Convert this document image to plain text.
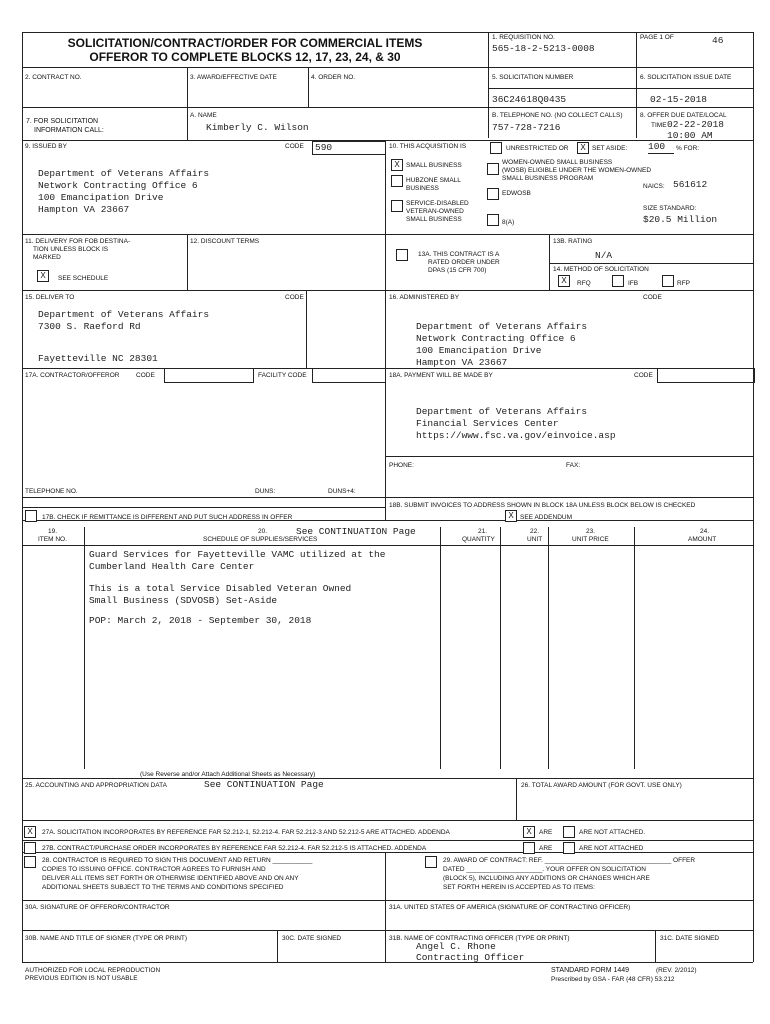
SOLICITATION/CONTRACT/ORDER FOR COMMERCIAL ITEMS
OFFEROR TO COMPLETE BLOCKS 12, 17, 23, 24, & 30
1. REQUISITION NO.
565-18-2-5213-0008
PAGE 1 OF	46
2. CONTRACT NO.	3. AWARD/EFFECTIVE DATE	4. ORDER NO.	5. SOLICITATION NUMBER	6. SOLICITATION ISSUE DATE
36C24618Q0435	02-15-2018
7. FOR SOLICITATION
INFORMATION CALL:
A. NAME
Kimberly C. Wilson
B. TELEPHONE NO. (NO COLLECT CALLS)
757-728-7216
8. OFFER DUE DATE/LOCAL
TIME 02-22-2018
10:00 AM
9. ISSUED BY	CODE 590
Department of Veterans Affairs
Network Contracting Office 6
100 Emancipation Drive
Hampton VA 23667
10. THIS ACQUISITION IS	UNRESTRICTED OR	X SET ASIDE: 100	% FOR:
X SMALL BUSINESS
HUBZONE SMALL
BUSINESS
SERVICE-DISABLED
VETERAN-OWNED
SMALL BUSINESS
WOMEN-OWNED SMALL BUSINESS
(WOSB) ELIGIBLE UNDER THE WOMEN-OWNED
SMALL BUSINESS PROGRAM
EDWOSB
8(A)
NAICS: 561612
SIZE STANDARD:
$20.5 Million
11. DELIVERY FOR FOB DESTINA-
TION UNLESS BLOCK IS
MARKED
X	SEE SCHEDULE
12. DISCOUNT TERMS
13A. THIS CONTRACT IS A
RATED ORDER UNDER
DPAS (15 CFR 700)
13B. RATING
N/A
14. METHOD OF SOLICITATION
X	RFQ	IFB	RFP
15. DELIVER TO	CODE
Department of Veterans Affairs
7300 S. Raeford Rd
Fayetteville NC 28301
16. ADMINISTERED BY	CODE
Department of Veterans Affairs
Network Contracting Office 6
100 Emancipation Drive
Hampton VA 23667
17A. CONTRACTOR/OFFEROR	CODE	FACILITY CODE	18A. PAYMENT WILL BE MADE BY	CODE
Department of Veterans Affairs
Financial Services Center
https://www.fsc.va.gov/einvoice.asp
PHONE:	FAX:
TELEPHONE NO.	DUNS:	DUNS+4:
17B. CHECK IF REMITTANCE IS DIFFERENT AND PUT SUCH ADDRESS IN OFFER
18B. SUBMIT INVOICES TO ADDRESS SHOWN IN BLOCK 18A UNLESS BLOCK BELOW IS CHECKED
X SEE ADDENDUM
19.
ITEM NO.
20.
SCHEDULE OF SUPPLIES/SERVICES
See CONTINUATION Page	21.
QUANTITY
22.
UNIT
23.
UNIT PRICE
24.
AMOUNT
Guard Services for Fayetteville VAMC utilized at the
Cumberland Health Care Center
This is a total Service Disabled Veteran Owned
Small Business (SDVOSB) Set-Aside
POP: March 2, 2018 - September 30, 2018
(Use Reverse and/or Attach Additional Sheets as Necessary)
25. ACCOUNTING AND APPROPRIATION DATA	See CONTINUATION Page	26. TOTAL AWARD AMOUNT (FOR GOVT. USE ONLY)
X	27A. SOLICITATION INCORPORATES BY REFERENCE FAR 52.212-1, 52.212-4. FAR 52.212-3 AND 52.212-5 ARE ATTACHED. ADDENDA	X	ARE	ARE NOT ATTACHED.
27B. CONTRACT/PURCHASE ORDER INCORPORATES BY REFERENCE FAR 52.212-4. FAR 52.212-5 IS ATTACHED. ADDENDA	ARE	ARE NOT ATTACHED
28. CONTRACTOR IS REQUIRED TO SIGN THIS DOCUMENT AND RETURN ___________
COPIES TO ISSUING OFFICE. CONTRACTOR AGREES TO FURNISH AND
DELIVER ALL ITEMS SET FORTH OR OTHERWISE IDENTIFIED ABOVE AND ON ANY
ADDITIONAL SHEETS SUBJECT TO THE TERMS AND CONDITIONS SPECIFIED
29. AWARD OF CONTRACT: REF. ___________________________________ OFFER
DATED _____________________. YOUR OFFER ON SOLICITATION
(BLOCK 5), INCLUDING ANY ADDITIONS OR CHANGES WHICH ARE
SET FORTH HEREIN IS ACCEPTED AS TO ITEMS:
30A. SIGNATURE OF OFFEROR/CONTRACTOR	31A. UNITED STATES OF AMERICA (SIGNATURE OF CONTRACTING OFFICER)
30B. NAME AND TITLE OF SIGNER (TYPE OR PRINT)	30C. DATE SIGNED	31B. NAME OF CONTRACTING OFFICER (TYPE OR PRINT)
Angel C. Rhone
Contracting Officer
31C. DATE SIGNED
AUTHORIZED FOR LOCAL REPRODUCTION
PREVIOUS EDITION IS NOT USABLE
STANDARD FORM 1449	(REV. 2/2012)
Prescribed by GSA - FAR (48 CFR) 53.212
